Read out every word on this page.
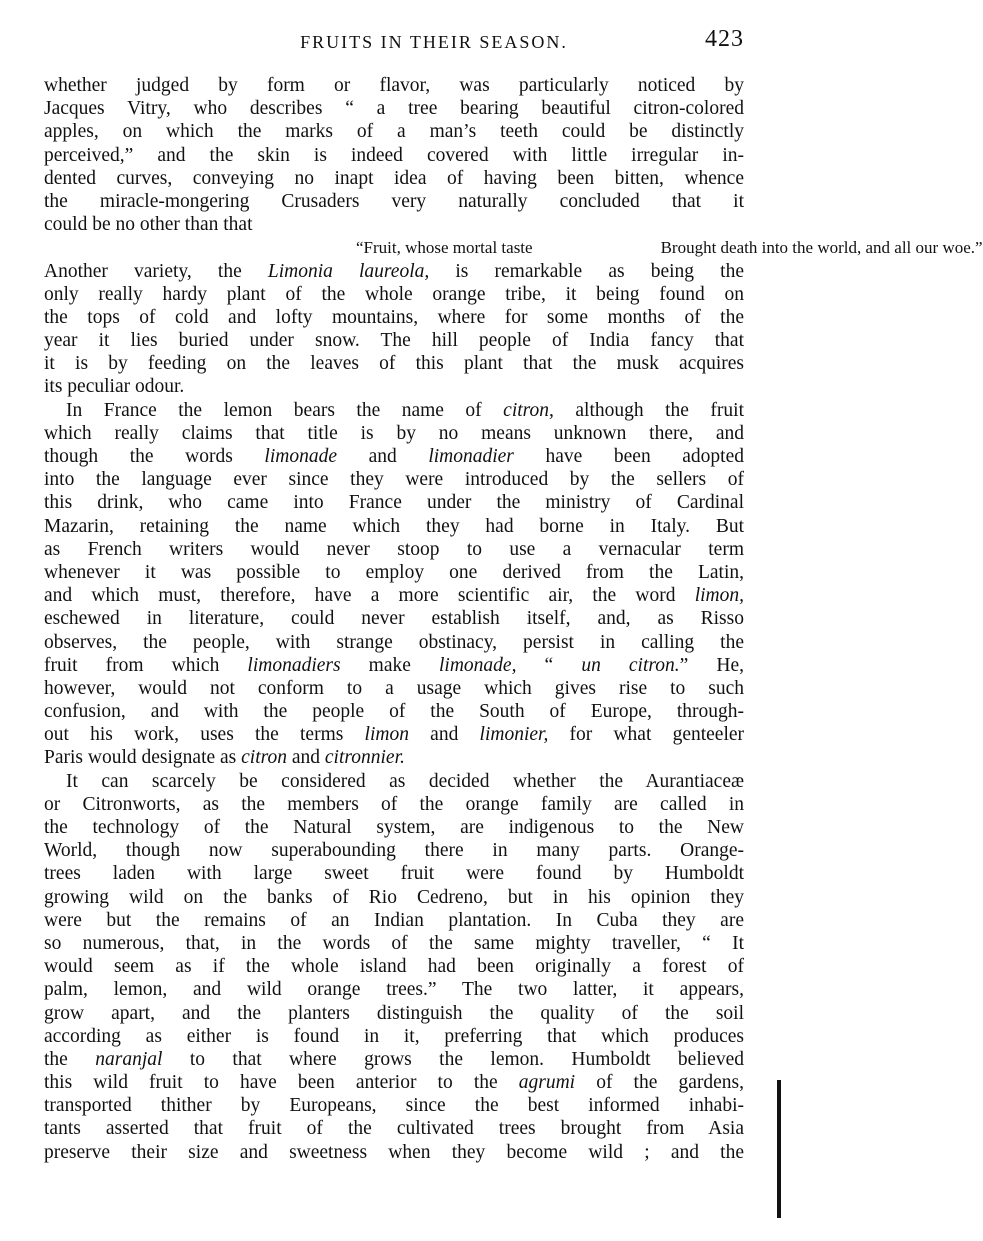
FRUITS IN THEIR SEASON.	423
whether judged by form or flavor, was particularly noticed by
Jacques Vitry, who describes “ a tree bearing beautiful citron-colored
apples, on which the marks of a man’s teeth could be distinctly
perceived,” and the skin is indeed covered with little irregular in-
dented curves, conveying no inapt idea of having been bitten, whence
the miracle-mongering Crusaders very naturally concluded that it
could be no other than that
“Fruit, whose mortal taste	Brought death into the world, and all our woe.”
Another variety, the Limonia laureola, is remarkable as being the
only really hardy plant of the whole orange tribe, it being found on
the tops of cold and lofty mountains, where for some months of the
year it lies buried under snow. The hill people of India fancy that
it is by feeding on the leaves of this plant that the musk acquires
its peculiar odour.
In France the lemon bears the name of citron, although the fruit
which really claims that title is by no means unknown there, and
though the words limonade and limonadier have been adopted
into the language ever since they were introduced by the sellers of
this drink, who came into France under the ministry of Cardinal
Mazarin, retaining the name which they had borne in Italy. But
as French writers would never stoop to use a vernacular term
whenever it was possible to employ one derived from the Latin,
and which must, therefore, have a more scientific air, the word limon,
eschewed in literature, could never establish itself, and, as Risso
observes, the people, with strange obstinacy, persist in calling the
fruit from which limonadiers make limonade, “ un citron.” He,
however, would not conform to a usage which gives rise to such
confusion, and with the people of the South of Europe, through-
out his work, uses the terms limon and limonier, for what genteeler
Paris would designate as citron and citronnier.
It can scarcely be considered as decided whether the Aurantiaceæ
or Citronworts, as the members of the orange family are called in
the technology of the Natural system, are indigenous to the New
World, though now superabounding there in many parts. Orange-
trees laden with large sweet fruit were found by Humboldt
growing wild on the banks of Rio Cedreno, but in his opinion they
were but the remains of an Indian plantation. In Cuba they are
so numerous, that, in the words of the same mighty traveller, “ It
would seem as if the whole island had been originally a forest of
palm, lemon, and wild orange trees.” The two latter, it appears,
grow apart, and the planters distinguish the quality of the soil
according as either is found in it, preferring that which produces
the naranjal to that where grows the lemon. Humboldt believed
this wild fruit to have been anterior to the agrumi of the gardens,
transported thither by Europeans, since the best informed inhabi-
tants asserted that fruit of the cultivated trees brought from Asia
preserve their size and sweetness when they become wild ; and the
